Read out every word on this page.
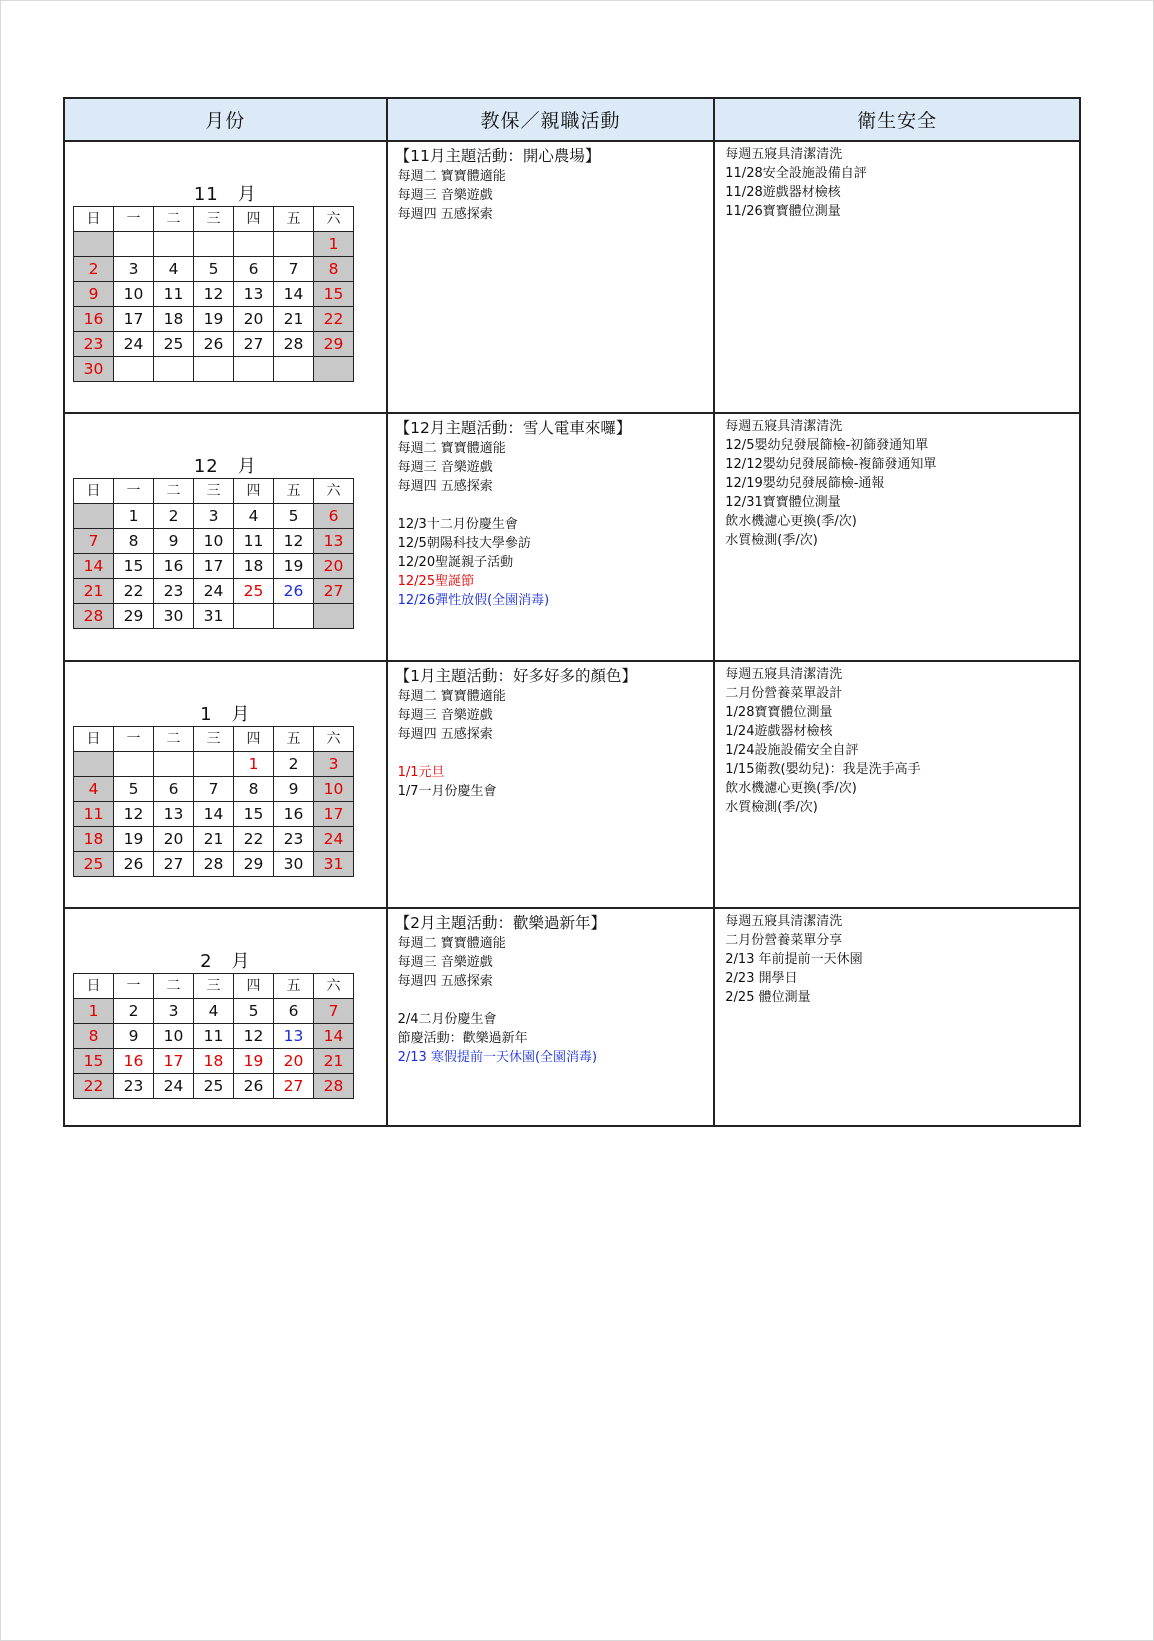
月份	教保／親職活動	衛生安全

11　月
日	一	二	三	四	五	六
						1
2	3	4	5	6	7	8
9	10	11	12	13	14	15
16	17	18	19	20	21	22
23	24	25	26	27	28	29
30						

【11月主題活動：開心農場】
每週二 寶寶體適能
每週三 音樂遊戲
每週四 五感探索

每週五寢具清潔清洗
11/28安全設施設備自評
11/28遊戲器材檢核
11/26寶寶體位測量

12　月
日	一	二	三	四	五	六
	1	2	3	4	5	6
7	8	9	10	11	12	13
14	15	16	17	18	19	20
21	22	23	24	25	26	27
28	29	30	31			

【12月主題活動：雪人電車來囉】
每週二 寶寶體適能
每週三 音樂遊戲
每週四 五感探索
12/3十二月份慶生會
12/5朝陽科技大學參訪
12/20聖誕親子活動
12/25聖誕節
12/26彈性放假(全園消毒)

每週五寢具清潔清洗
12/5嬰幼兒發展篩檢-初篩發通知單
12/12嬰幼兒發展篩檢-複篩發通知單
12/19嬰幼兒發展篩檢-通報
12/31寶寶體位測量
飲水機濾心更換(季/次)
水質檢測(季/次)

1　月
日	一	二	三	四	五	六
				1	2	3
4	5	6	7	8	9	10
11	12	13	14	15	16	17
18	19	20	21	22	23	24
25	26	27	28	29	30	31

【1月主題活動：好多好多的顏色】
每週二 寶寶體適能
每週三 音樂遊戲
每週四 五感探索
1/1元旦
1/7一月份慶生會

每週五寢具清潔清洗
二月份營養菜單設計
1/28寶寶體位測量
1/24遊戲器材檢核
1/24設施設備安全自評
1/15衛教(嬰幼兒)：我是洗手高手
飲水機濾心更換(季/次)
水質檢測(季/次)

2　月
日	一	二	三	四	五	六
1	2	3	4	5	6	7
8	9	10	11	12	13	14
15	16	17	18	19	20	21
22	23	24	25	26	27	28

【2月主題活動：歡樂過新年】
每週二 寶寶體適能
每週三 音樂遊戲
每週四 五感探索
2/4二月份慶生會
節慶活動：歡樂過新年
2/13 寒假提前一天休園(全園消毒)

每週五寢具清潔清洗
二月份營養菜單分享
2/13 年前提前一天休園
2/23 開學日
2/25 體位測量
